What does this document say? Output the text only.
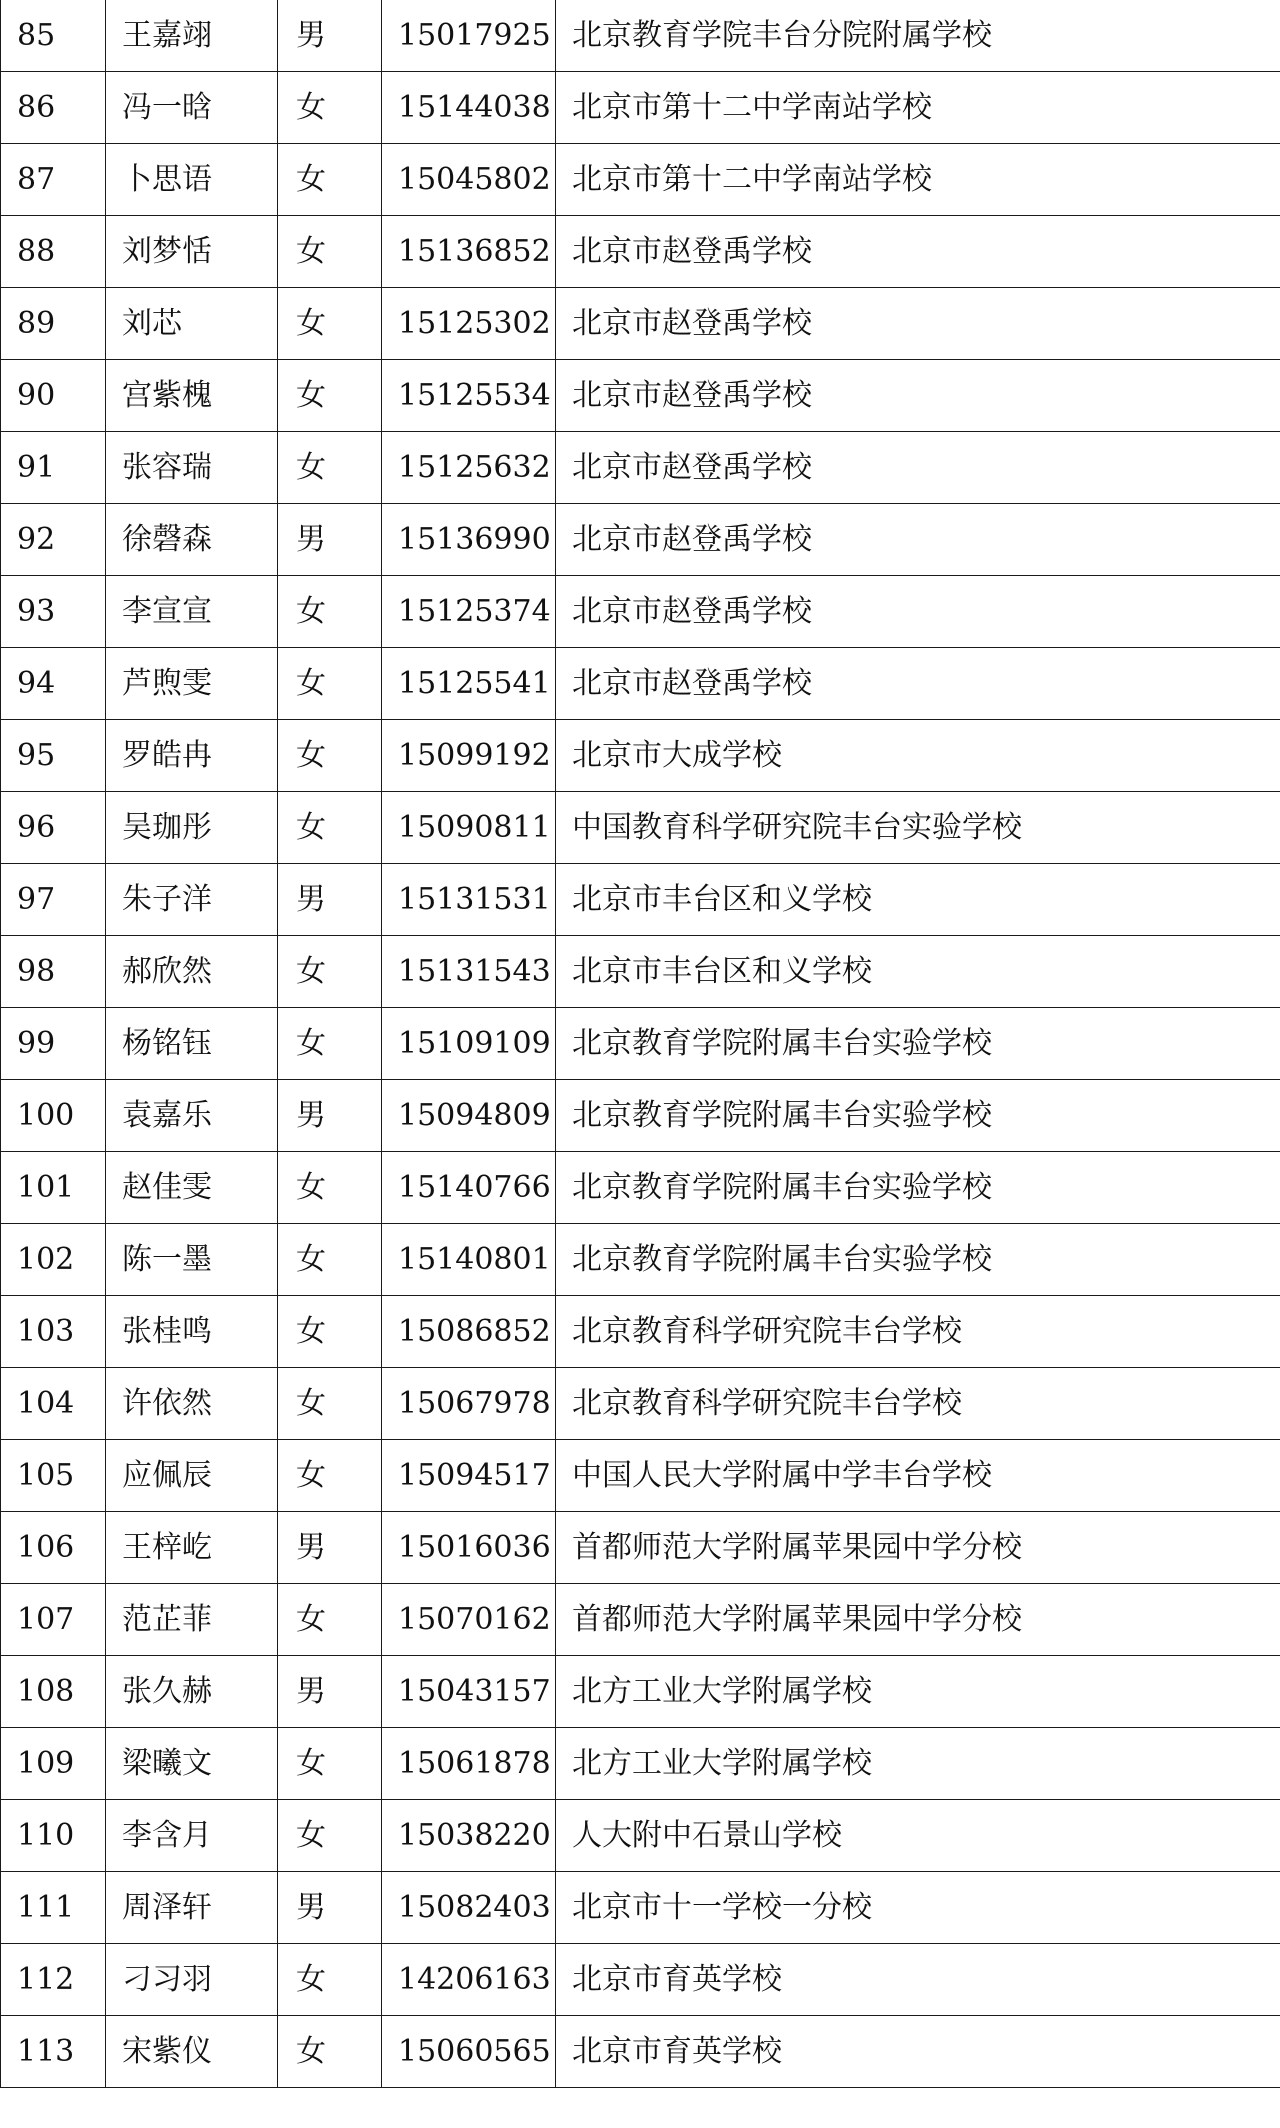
85	王嘉翊	男	15017925	北京教育学院丰台分院附属学校
86	冯一晗	女	15144038	北京市第十二中学南站学校
87	卜思语	女	15045802	北京市第十二中学南站学校
88	刘梦恬	女	15136852	北京市赵登禹学校
89	刘芯	女	15125302	北京市赵登禹学校
90	宫紫槐	女	15125534	北京市赵登禹学校
91	张容瑞	女	15125632	北京市赵登禹学校
92	徐磬森	男	15136990	北京市赵登禹学校
93	李宣宣	女	15125374	北京市赵登禹学校
94	芦煦雯	女	15125541	北京市赵登禹学校
95	罗皓冉	女	15099192	北京市大成学校
96	吴珈彤	女	15090811	中国教育科学研究院丰台实验学校
97	朱子洋	男	15131531	北京市丰台区和义学校
98	郝欣然	女	15131543	北京市丰台区和义学校
99	杨铭钰	女	15109109	北京教育学院附属丰台实验学校
100	袁嘉乐	男	15094809	北京教育学院附属丰台实验学校
101	赵佳雯	女	15140766	北京教育学院附属丰台实验学校
102	陈一墨	女	15140801	北京教育学院附属丰台实验学校
103	张桂鸣	女	15086852	北京教育科学研究院丰台学校
104	许依然	女	15067978	北京教育科学研究院丰台学校
105	应佩辰	女	15094517	中国人民大学附属中学丰台学校
106	王梓屹	男	15016036	首都师范大学附属苹果园中学分校
107	范芷菲	女	15070162	首都师范大学附属苹果园中学分校
108	张久赫	男	15043157	北方工业大学附属学校
109	梁曦文	女	15061878	北方工业大学附属学校
110	李含月	女	15038220	人大附中石景山学校
111	周泽轩	男	15082403	北京市十一学校一分校
112	刁习羽	女	14206163	北京市育英学校
113	宋紫仪	女	15060565	北京市育英学校
